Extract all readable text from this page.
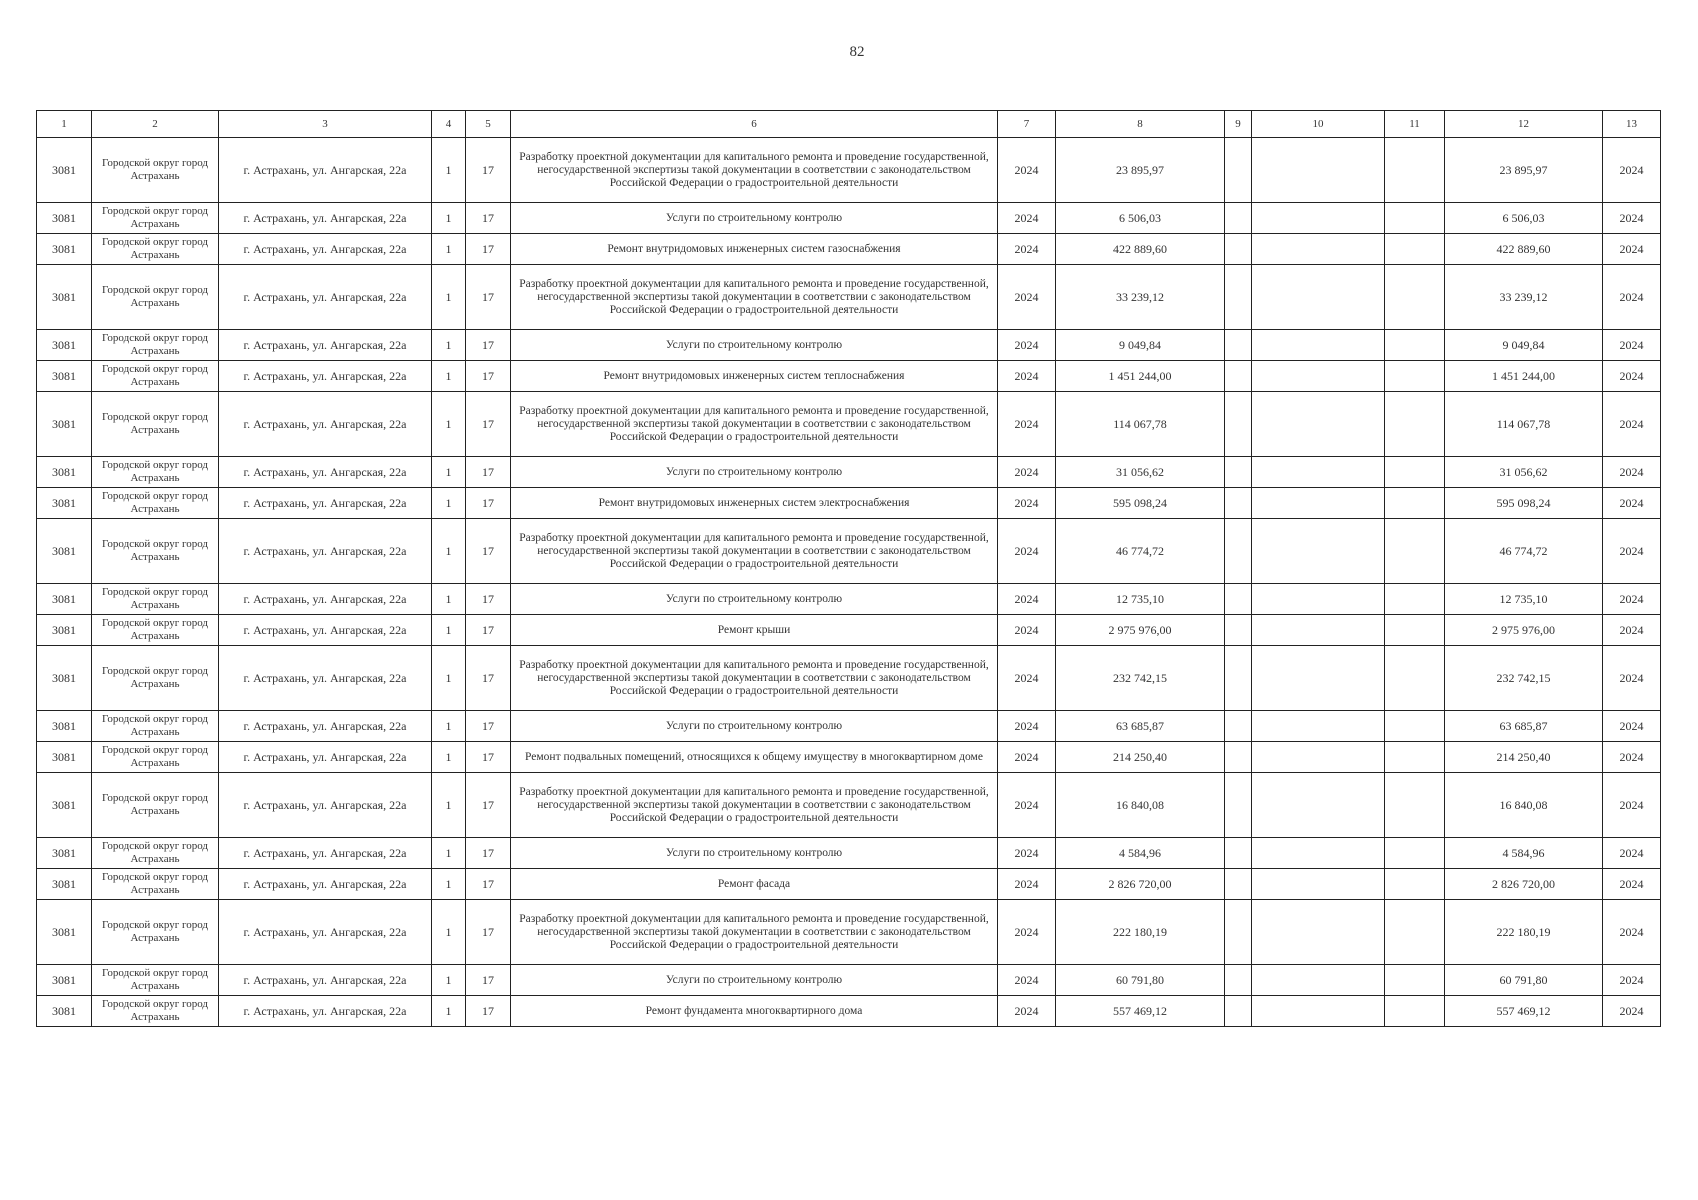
82
1	2	3	4	5	6	7	8	9	10	11	12	13
3081	Городской округ город Астрахань	г. Астрахань, ул. Ангарская, 22а	1	17	Разработку проектной документации для капитального ремонта и проведение государственной, негосударственной экспертизы такой документации в соответствии с законодательством Российской Федерации о градостроительной деятельности	2024	23 895,97				23 895,97	2024
3081	Городской округ город Астрахань	г. Астрахань, ул. Ангарская, 22а	1	17	Услуги по строительному контролю	2024	6 506,03				6 506,03	2024
3081	Городской округ город Астрахань	г. Астрахань, ул. Ангарская, 22а	1	17	Ремонт внутридомовых инженерных систем газоснабжения	2024	422 889,60				422 889,60	2024
3081	Городской округ город Астрахань	г. Астрахань, ул. Ангарская, 22а	1	17	Разработку проектной документации для капитального ремонта и проведение государственной, негосударственной экспертизы такой документации в соответствии с законодательством Российской Федерации о градостроительной деятельности	2024	33 239,12				33 239,12	2024
3081	Городской округ город Астрахань	г. Астрахань, ул. Ангарская, 22а	1	17	Услуги по строительному контролю	2024	9 049,84				9 049,84	2024
3081	Городской округ город Астрахань	г. Астрахань, ул. Ангарская, 22а	1	17	Ремонт внутридомовых инженерных систем теплоснабжения	2024	1 451 244,00				1 451 244,00	2024
3081	Городской округ город Астрахань	г. Астрахань, ул. Ангарская, 22а	1	17	Разработку проектной документации для капитального ремонта и проведение государственной, негосударственной экспертизы такой документации в соответствии с законодательством Российской Федерации о градостроительной деятельности	2024	114 067,78				114 067,78	2024
3081	Городской округ город Астрахань	г. Астрахань, ул. Ангарская, 22а	1	17	Услуги по строительному контролю	2024	31 056,62				31 056,62	2024
3081	Городской округ город Астрахань	г. Астрахань, ул. Ангарская, 22а	1	17	Ремонт внутридомовых инженерных систем электроснабжения	2024	595 098,24				595 098,24	2024
3081	Городской округ город Астрахань	г. Астрахань, ул. Ангарская, 22а	1	17	Разработку проектной документации для капитального ремонта и проведение государственной, негосударственной экспертизы такой документации в соответствии с законодательством Российской Федерации о градостроительной деятельности	2024	46 774,72				46 774,72	2024
3081	Городской округ город Астрахань	г. Астрахань, ул. Ангарская, 22а	1	17	Услуги по строительному контролю	2024	12 735,10				12 735,10	2024
3081	Городской округ город Астрахань	г. Астрахань, ул. Ангарская, 22а	1	17	Ремонт крыши	2024	2 975 976,00				2 975 976,00	2024
3081	Городской округ город Астрахань	г. Астрахань, ул. Ангарская, 22а	1	17	Разработку проектной документации для капитального ремонта и проведение государственной, негосударственной экспертизы такой документации в соответствии с законодательством Российской Федерации о градостроительной деятельности	2024	232 742,15				232 742,15	2024
3081	Городской округ город Астрахань	г. Астрахань, ул. Ангарская, 22а	1	17	Услуги по строительному контролю	2024	63 685,87				63 685,87	2024
3081	Городской округ город Астрахань	г. Астрахань, ул. Ангарская, 22а	1	17	Ремонт подвальных помещений, относящихся к общему имуществу в многоквартирном доме	2024	214 250,40				214 250,40	2024
3081	Городской округ город Астрахань	г. Астрахань, ул. Ангарская, 22а	1	17	Разработку проектной документации для капитального ремонта и проведение государственной, негосударственной экспертизы такой документации в соответствии с законодательством Российской Федерации о градостроительной деятельности	2024	16 840,08				16 840,08	2024
3081	Городской округ город Астрахань	г. Астрахань, ул. Ангарская, 22а	1	17	Услуги по строительному контролю	2024	4 584,96				4 584,96	2024
3081	Городской округ город Астрахань	г. Астрахань, ул. Ангарская, 22а	1	17	Ремонт фасада	2024	2 826 720,00				2 826 720,00	2024
3081	Городской округ город Астрахань	г. Астрахань, ул. Ангарская, 22а	1	17	Разработку проектной документации для капитального ремонта и проведение государственной, негосударственной экспертизы такой документации в соответствии с законодательством Российской Федерации о градостроительной деятельности	2024	222 180,19				222 180,19	2024
3081	Городской округ город Астрахань	г. Астрахань, ул. Ангарская, 22а	1	17	Услуги по строительному контролю	2024	60 791,80				60 791,80	2024
3081	Городской округ город Астрахань	г. Астрахань, ул. Ангарская, 22а	1	17	Ремонт фундамента многоквартирного дома	2024	557 469,12				557 469,12	2024
